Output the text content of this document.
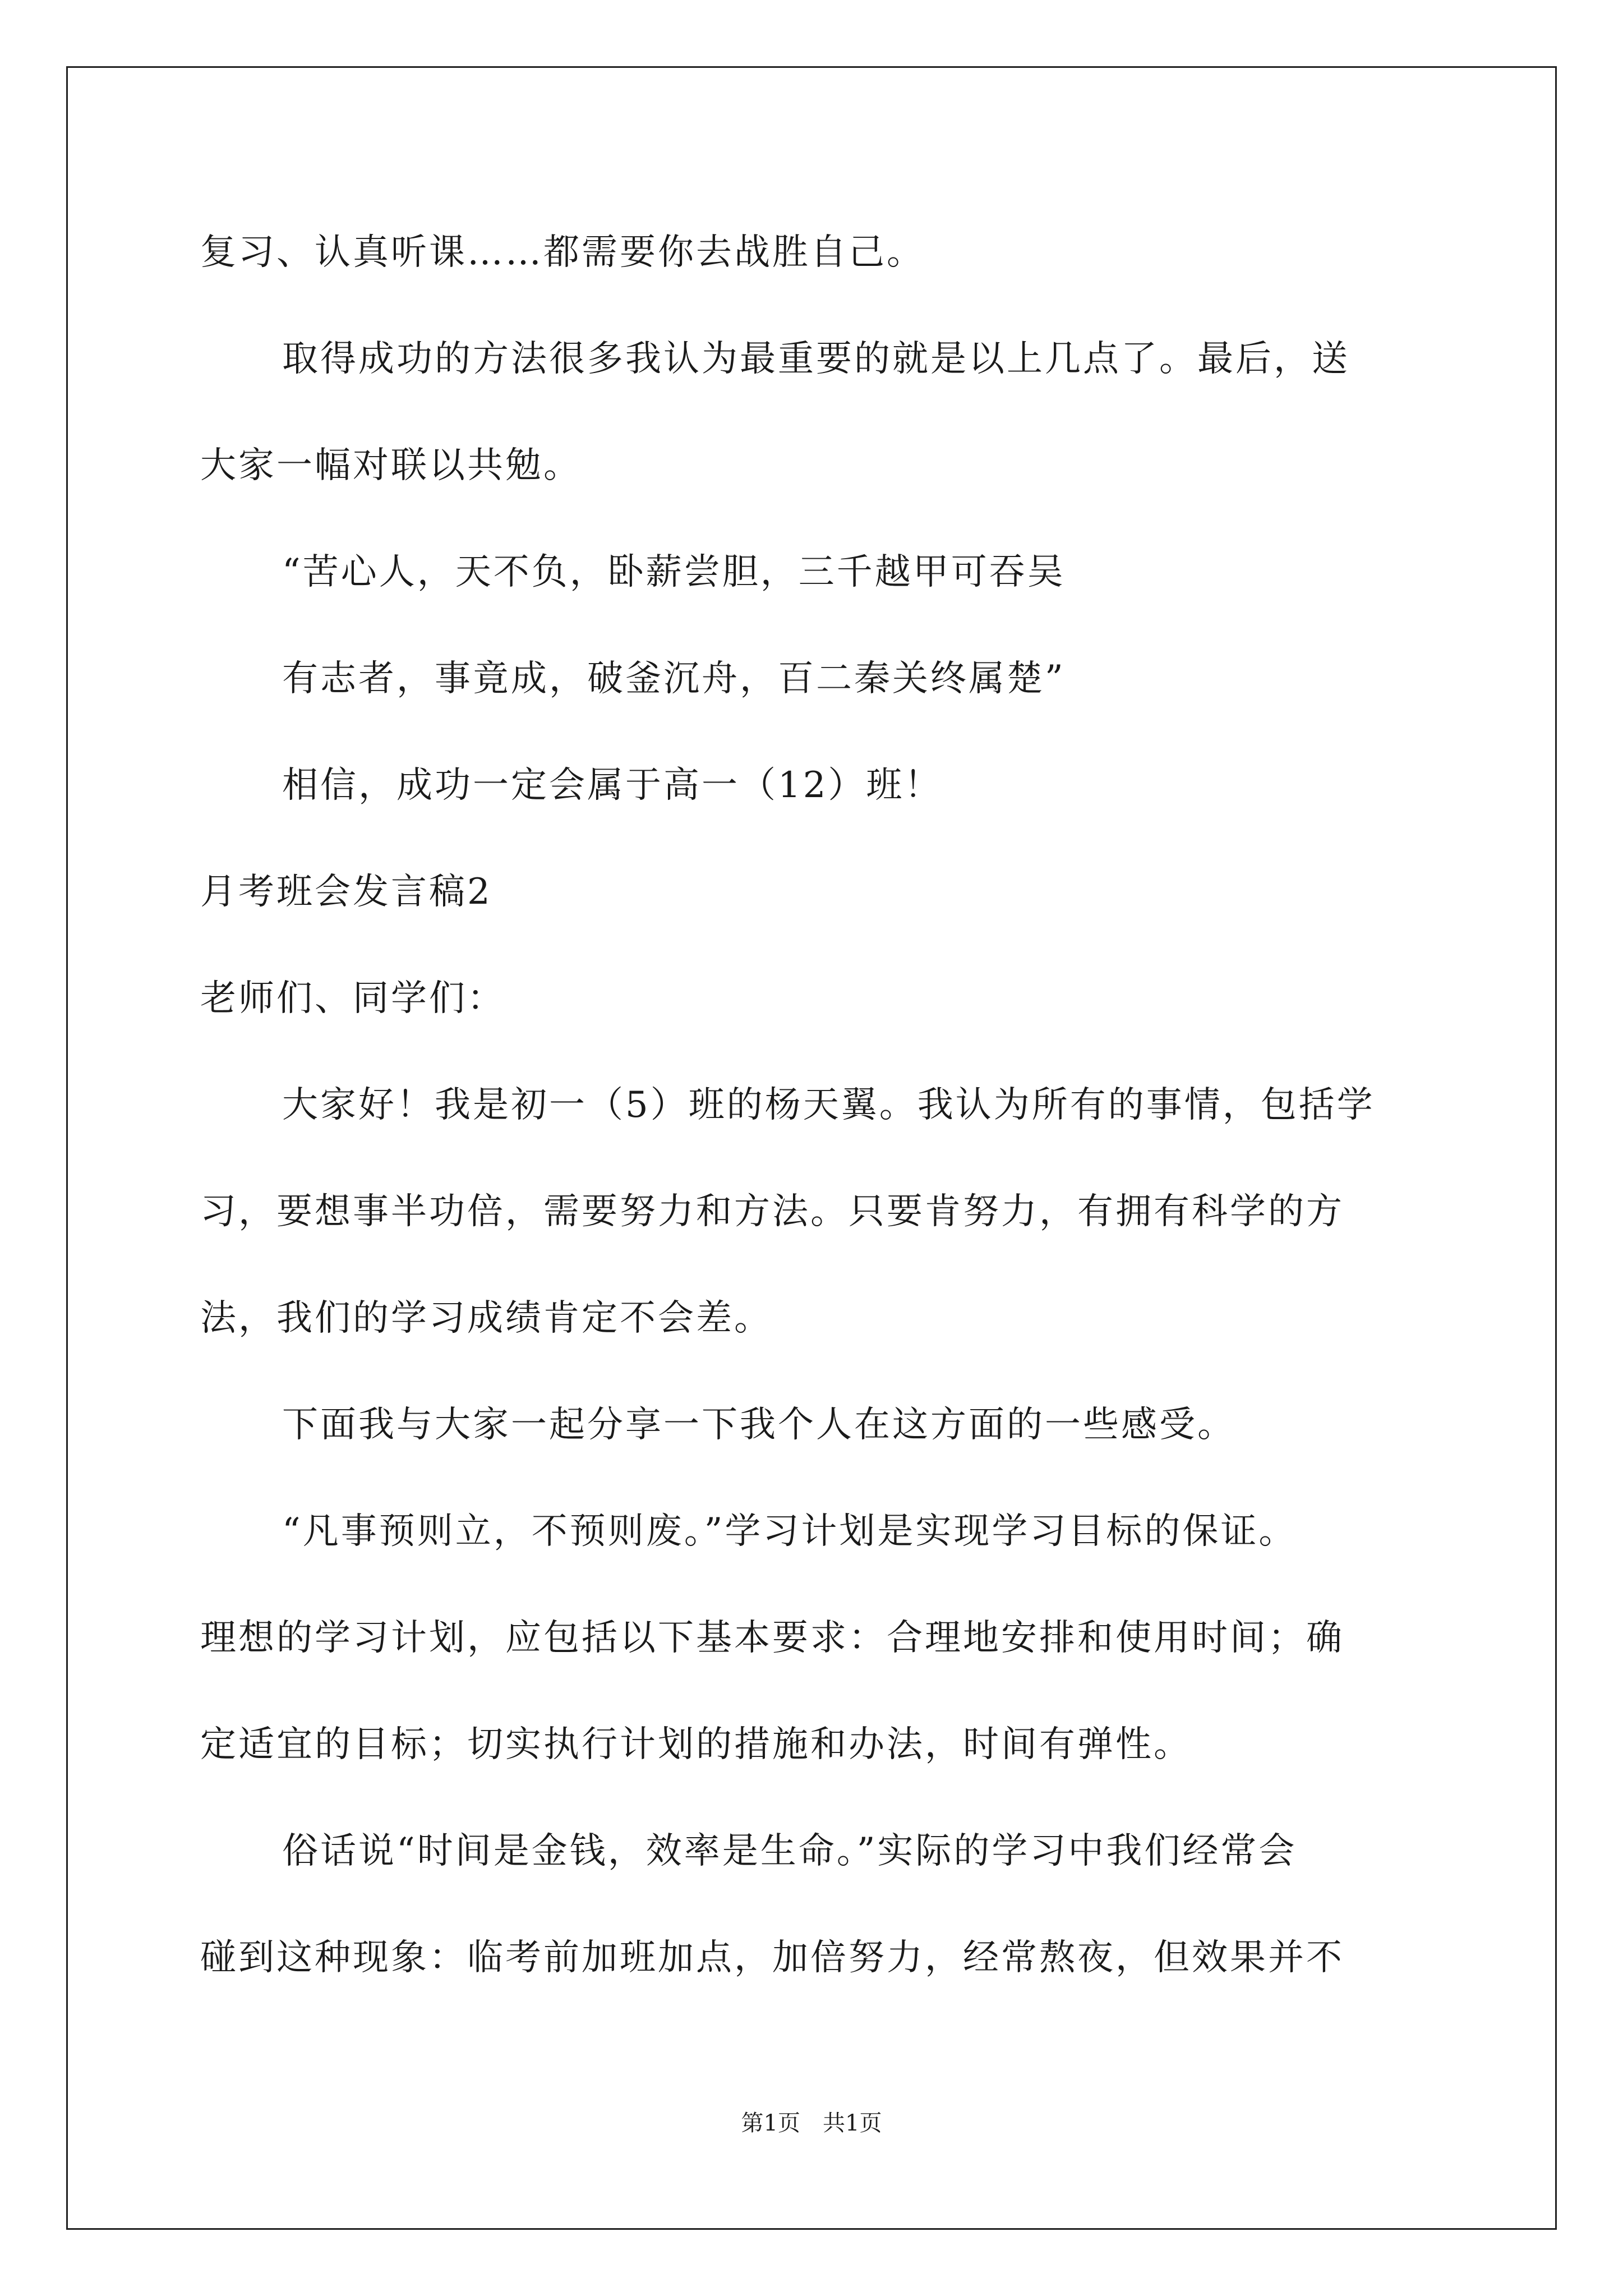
复习、认真听课……都需要你去战胜自己。
取得成功的方法很多我认为最重要的就是以上几点了。最后，送
大家一幅对联以共勉。
“苦心人，天不负，卧薪尝胆，三千越甲可吞吴
有志者，事竟成，破釜沉舟，百二秦关终属楚”
相信，成功一定会属于高一（12）班！
月考班会发言稿2
老师们、同学们：
大家好！我是初一（5）班的杨天翼。我认为所有的事情，包括学
习，要想事半功倍，需要努力和方法。只要肯努力，有拥有科学的方
法，我们的学习成绩肯定不会差。
下面我与大家一起分享一下我个人在这方面的一些感受。
“凡事预则立，不预则废。”学习计划是实现学习目标的保证。
理想的学习计划，应包括以下基本要求：合理地安排和使用时间；确
定适宜的目标；切实执行计划的措施和办法，时间有弹性。
俗话说“时间是金钱，效率是生命。”实际的学习中我们经常会
碰到这种现象：临考前加班加点，加倍努力，经常熬夜，但效果并不
第1页　共1页
